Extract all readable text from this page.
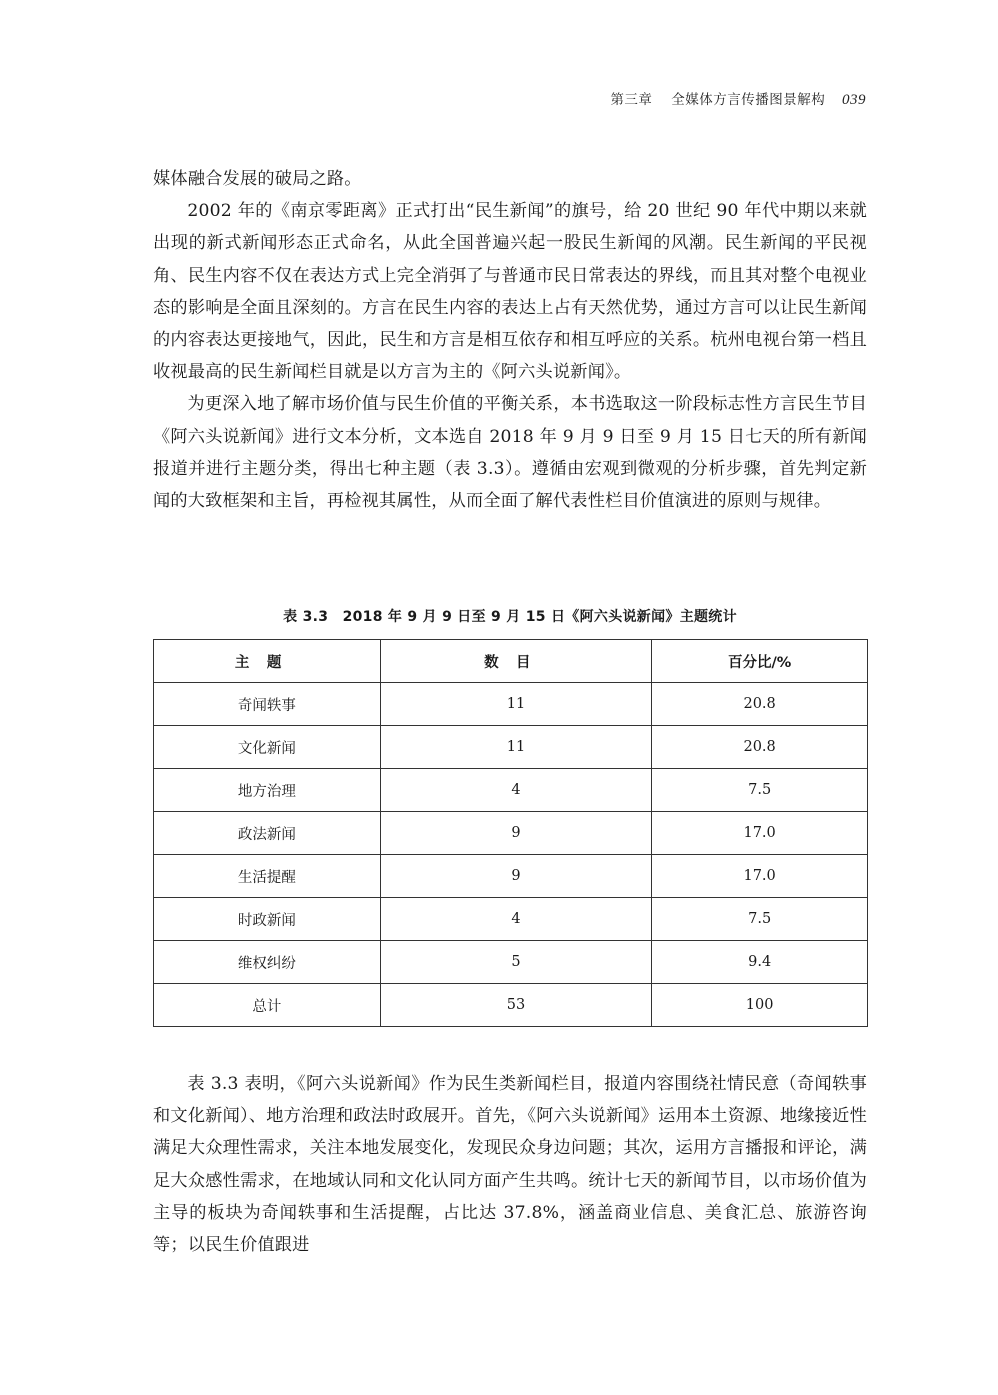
第三章 全媒体方言传播图景解构 039

媒体融合发展的破局之路。

2002 年的《南京零距离》正式打出“民生新闻”的旗号，给 20 世纪 90 年代中期以来就出现的新式新闻形态正式命名，从此全国普遍兴起一股民生新闻的风潮。民生新闻的平民视角、民生内容不仅在表达方式上完全消弭了与普通市民日常表达的界线，而且其对整个电视业态的影响是全面且深刻的。方言在民生内容的表达上占有天然优势，通过方言可以让民生新闻的内容表达更接地气，因此，民生和方言是相互依存和相互呼应的关系。杭州电视台第一档且收视最高的民生新闻栏目就是以方言为主的《阿六头说新闻》。

为更深入地了解市场价值与民生价值的平衡关系，本书选取这一阶段标志性方言民生节目《阿六头说新闻》进行文本分析，文本选自 2018 年 9 月 9 日至 9 月 15 日七天的所有新闻报道并进行主题分类，得出七种主题（表 3.3）。遵循由宏观到微观的分析步骤，首先判定新闻的大致框架和主旨，再检视其属性，从而全面了解代表性栏目价值演进的原则与规律。

表 3.3　2018 年 9 月 9 日至 9 月 15 日《阿六头说新闻》主题统计
主题	数目	百分比/%
奇闻轶事	11	20.8
文化新闻	11	20.8
地方治理	4	7.5
政法新闻	9	17.0
生活提醒	9	17.0
时政新闻	4	7.5
维权纠纷	5	9.4
总计	53	100

表 3.3 表明，《阿六头说新闻》作为民生类新闻栏目，报道内容围绕社情民意（奇闻轶事和文化新闻）、地方治理和政法时政展开。首先，《阿六头说新闻》运用本土资源、地缘接近性满足大众理性需求，关注本地发展变化，发现民众身边问题；其次，运用方言播报和评论，满足大众感性需求，在地域认同和文化认同方面产生共鸣。统计七天的新闻节目，以市场价值为主导的板块为奇闻轶事和生活提醒，占比达 37.8%，涵盖商业信息、美食汇总、旅游咨询等；以民生价值跟进
